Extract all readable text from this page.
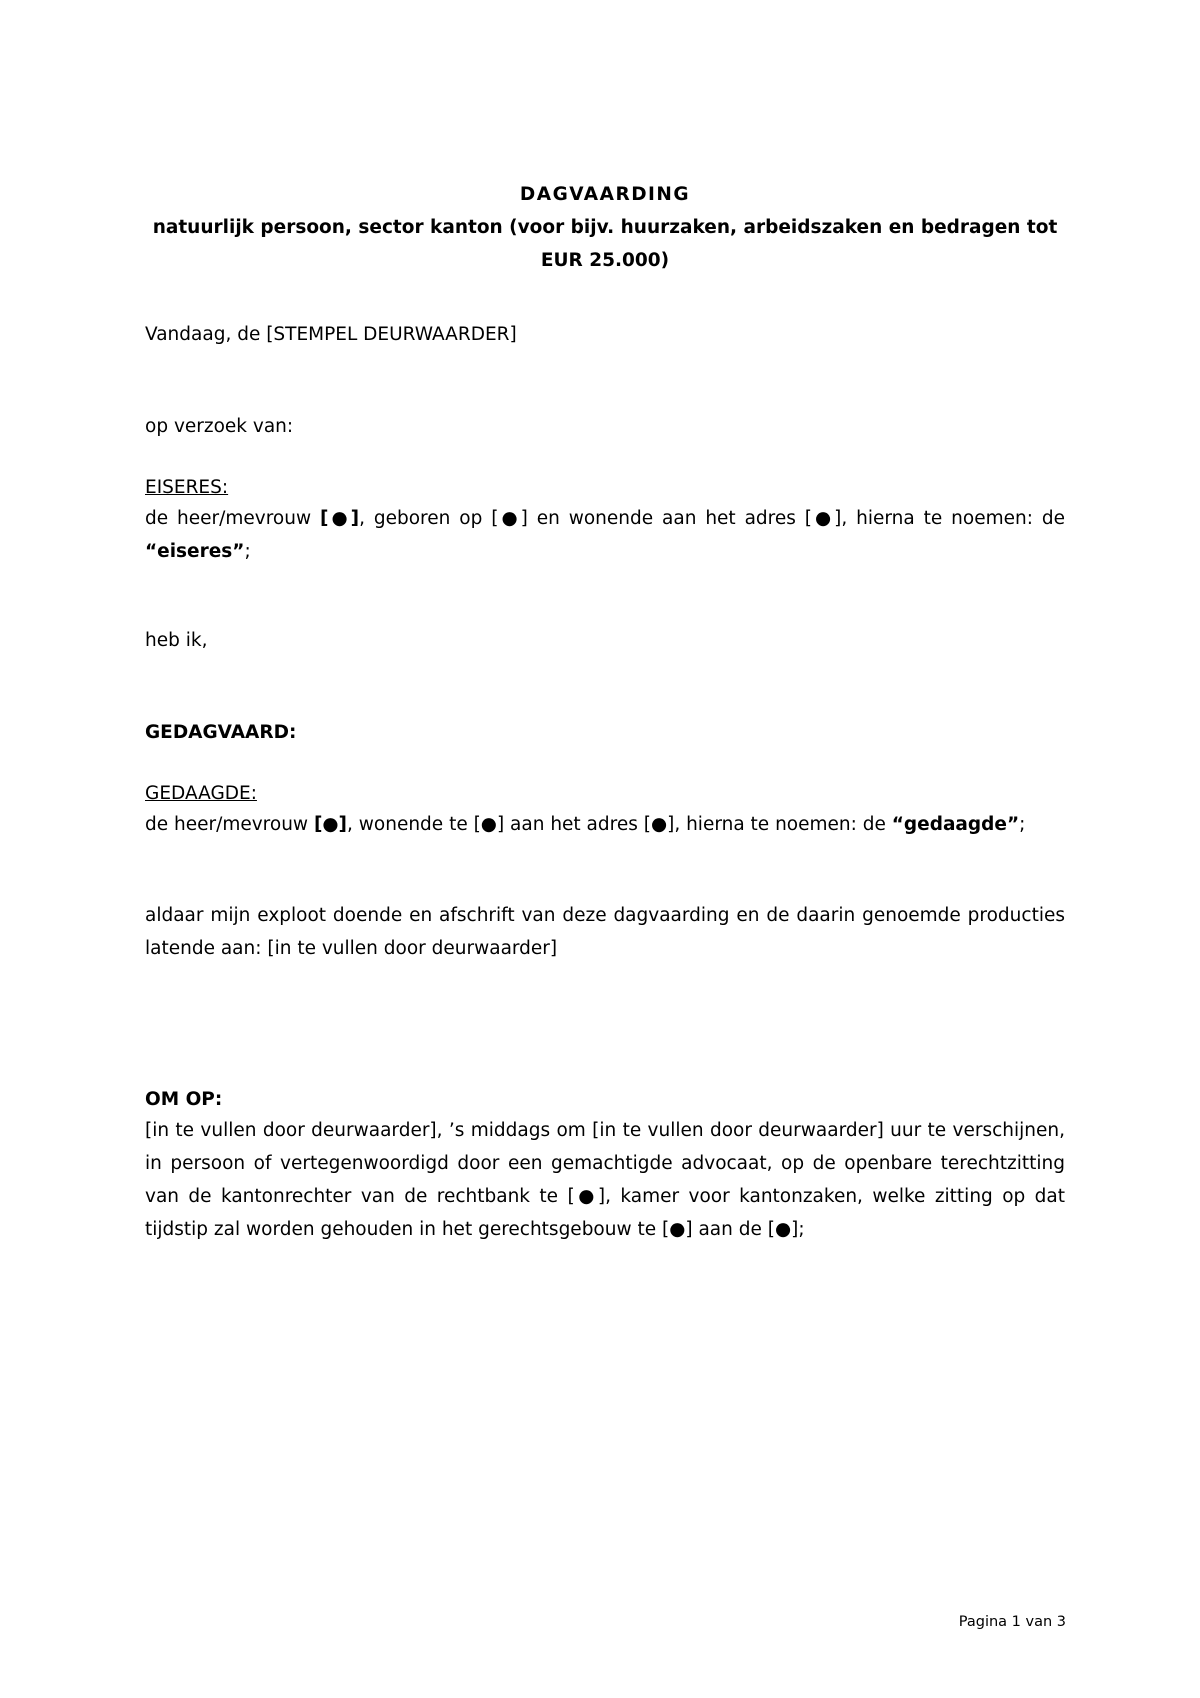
DAGVAARDING
natuurlijk persoon, sector kanton (voor bijv. huurzaken, arbeidszaken en bedragen tot
EUR 25.000)
Vandaag, de [STEMPEL DEURWAARDER]
op verzoek van:
EISERES:
de heer/mevrouw [●], geboren op [●] en wonende aan het adres [●], hierna te noemen: de “eiseres”;
heb ik,
GEDAGVAARD:
GEDAAGDE:
de heer/mevrouw [●], wonende te [●] aan het adres [●], hierna te noemen: de “gedaagde”;
aldaar mijn exploot doende en afschrift van deze dagvaarding en de daarin genoemde producties latende aan: [in te vullen door deurwaarder]
OM OP:
[in te vullen door deurwaarder], ’s middags om [in te vullen door deurwaarder] uur te verschijnen, in persoon of vertegenwoordigd door een gemachtigde advocaat, op de openbare terechtzitting van de kantonrechter van de rechtbank te [●], kamer voor kantonzaken, welke zitting op dat tijdstip zal worden gehouden in het gerechtsgebouw te [●] aan de [●];
Pagina 1 van 3
